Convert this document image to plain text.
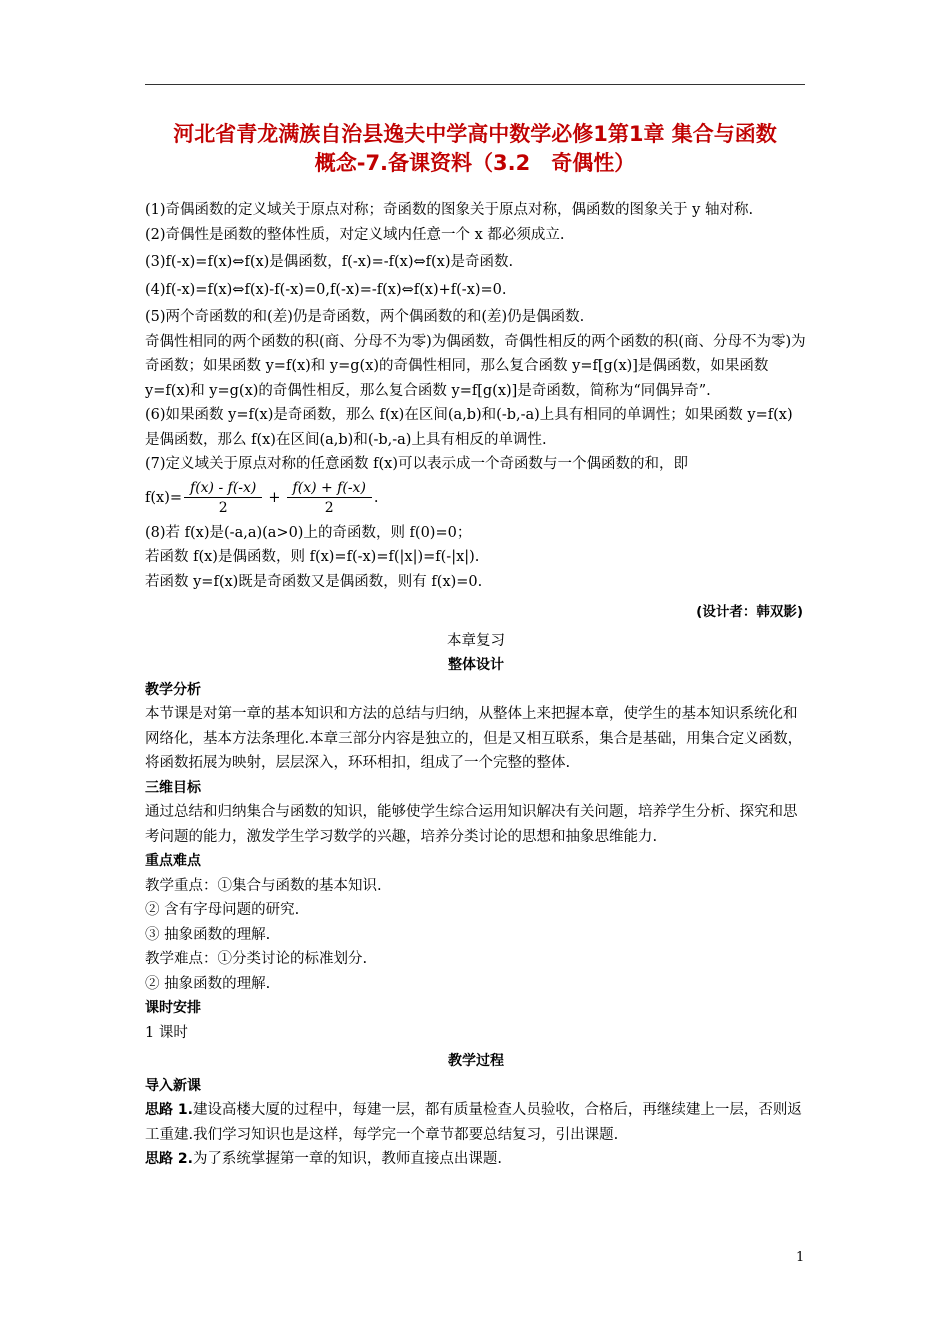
河北省青龙满族自治县逸夫中学高中数学必修1第1章 集合与函数
概念-7.备课资料（3.2　奇偶性）

(1)奇偶函数的定义域关于原点对称；奇函数的图象关于原点对称，偶函数的图象关于 y 轴对称.

(2)奇偶性是函数的整体性质，对定义域内任意一个 x 都必须成立.

(3)f(-x)=f(x)⇔f(x)是偶函数，f(-x)=-f(x)⇔f(x)是奇函数.

(4)f(-x)=f(x)⇔f(x)-f(-x)=0,f(-x)=-f(x)⇔f(x)+f(-x)=0.

(5)两个奇函数的和(差)仍是奇函数，两个偶函数的和(差)仍是偶函数.

奇偶性相同的两个函数的积(商、分母不为零)为偶函数，奇偶性相反的两个函数的积(商、分母不为零)为奇函数；如果函数 y=f(x)和 y=g(x)的奇偶性相同，那么复合函数 y=f[g(x)]是偶函数，如果函数 y=f(x)和 y=g(x)的奇偶性相反，那么复合函数 y=f[g(x)]是奇函数，简称为“同偶异奇”.

(6)如果函数 y=f(x)是奇函数，那么 f(x)在区间(a,b)和(-b,-a)上具有相同的单调性；如果函数 y=f(x)是偶函数，那么 f(x)在区间(a,b)和(-b,-a)上具有相反的单调性.

(7)定义域关于原点对称的任意函数 f(x)可以表示成一个奇函数与一个偶函数的和，即

$f(x)= \frac{f(x) - f(-x)}{2} + \frac{f(x) + f(-x)}{2}$ .

(8)若 f(x)是(-a,a)(a>0)上的奇函数，则 f(0)=0；

若函数 f(x)是偶函数，则 f(x)=f(-x)=f(|x|)=f(-|x|).

若函数 y=f(x)既是奇函数又是偶函数，则有 f(x)=0.

(设计者：韩双影)

本章复习

整体设计

教学分析

本节课是对第一章的基本知识和方法的总结与归纳，从整体上来把握本章，使学生的基本知识系统化和网络化，基本方法条理化.本章三部分内容是独立的，但是又相互联系，集合是基础，用集合定义函数，将函数拓展为映射，层层深入，环环相扣，组成了一个完整的整体.

三维目标

通过总结和归纳集合与函数的知识，能够使学生综合运用知识解决有关问题，培养学生分析、探究和思考问题的能力，激发学生学习数学的兴趣，培养分类讨论的思想和抽象思维能力.

重点难点

教学重点：①集合与函数的基本知识.

② 含有字母问题的研究.

③ 抽象函数的理解.

教学难点：①分类讨论的标准划分.

② 抽象函数的理解.

课时安排

1 课时

教学过程

导入新课

思路 1.建设高楼大厦的过程中，每建一层，都有质量检查人员验收，合格后，再继续建上一层，否则返工重建.我们学习知识也是这样，每学完一个章节都要总结复习，引出课题.

思路 2.为了系统掌握第一章的知识，教师直接点出课题.

1
